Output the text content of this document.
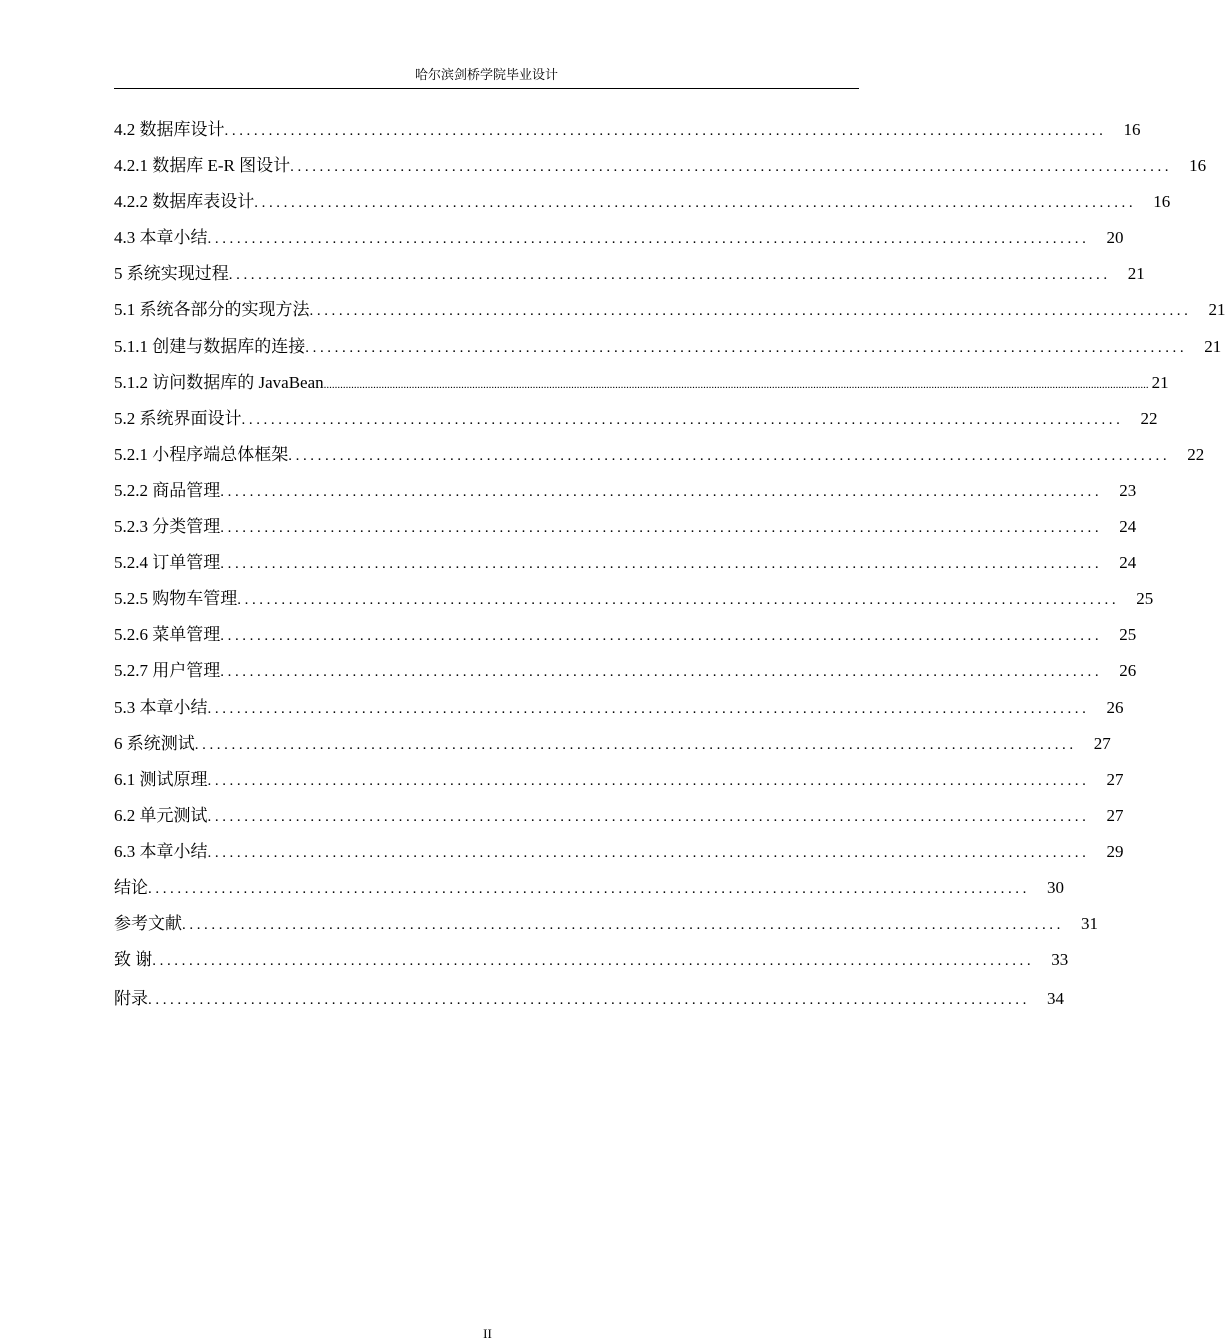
哈尔滨剑桥学院毕业设计
4.2 数据库设计 ........................................................................................................................ 16
4.2.1 数据库 E-R 图设计 ........................................................................................................................ 16
4.2.2 数据库表设计 ........................................................................................................................ 16
4.3 本章小结 ........................................................................................................................ 20
5 系统实现过程 ........................................................................................................................ 21
5.1 系统各部分的实现方法 ........................................................................................................................ 21
5.1.1 创建与数据库的连接 ........................................................................................................................ 21
5.1.2 访问数据库的 JavaBean ............................................................................................................................................................................................................................................................................................................ 21
5.2 系统界面设计 ........................................................................................................................ 22
5.2.1 小程序端总体框架 ........................................................................................................................ 22
5.2.2 商品管理 ........................................................................................................................ 23
5.2.3 分类管理 ........................................................................................................................ 24
5.2.4 订单管理 ........................................................................................................................ 24
5.2.5 购物车管理 ........................................................................................................................ 25
5.2.6 菜单管理 ........................................................................................................................ 25
5.2.7 用户管理 ........................................................................................................................ 26
5.3 本章小结 ........................................................................................................................ 26
6 系统测试 ........................................................................................................................ 27
6.1 测试原理 ........................................................................................................................ 27
6.2 单元测试 ........................................................................................................................ 27
6.3 本章小结 ........................................................................................................................ 29
结论 ........................................................................................................................ 30
参考文献 ........................................................................................................................ 31
致 谢 ........................................................................................................................ 33
附录 ........................................................................................................................ 34
II
